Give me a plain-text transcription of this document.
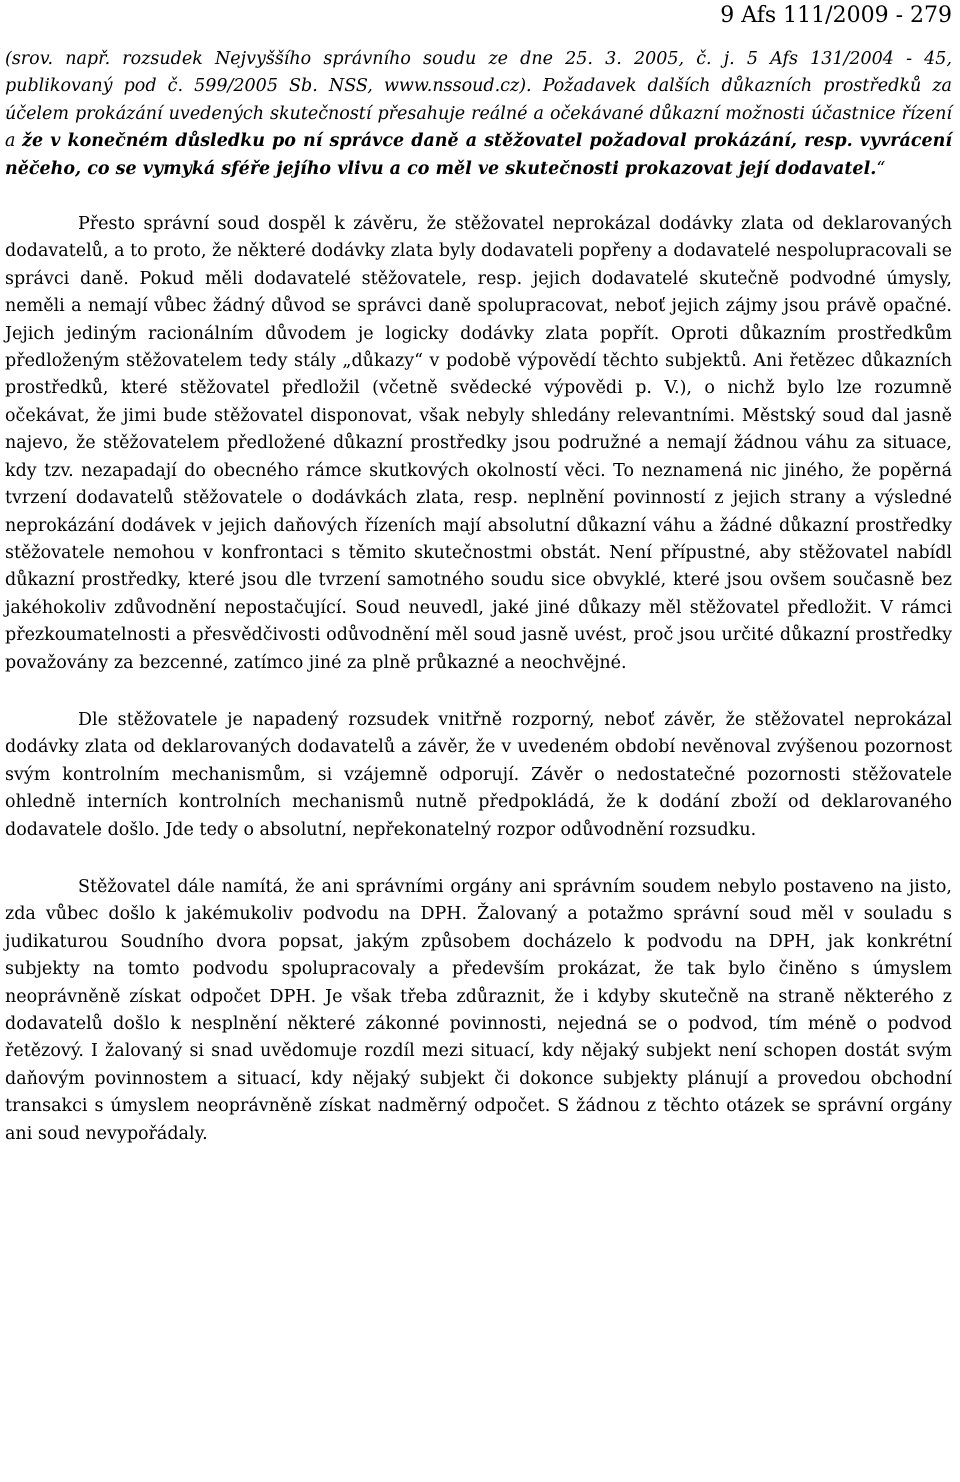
9 Afs 111/2009 - 279

(srov. např. rozsudek Nejvyššího správního soudu ze dne 25. 3. 2005, č. j. 5 Afs 131/2004 - 45, publikovaný pod č. 599/2005 Sb. NSS, www.nssoud.cz). Požadavek dalších důkazních prostředků za účelem prokázání uvedených skutečností přesahuje reálné a očekávané důkazní možnosti účastnice řízení a že v konečném důsledku po ní správce daně a stěžovatel požadoval prokázání, resp. vyvrácení něčeho, co se vymyká sféře jejího vlivu a co měl ve skutečnosti prokazovat její dodavatel.“

Přesto správní soud dospěl k závěru, že stěžovatel neprokázal dodávky zlata od deklarovaných dodavatelů, a to proto, že některé dodávky zlata byly dodavateli popřeny a dodavatelé nespolupracovali se správci daně. Pokud měli dodavatelé stěžovatele, resp. jejich dodavatelé skutečně podvodné úmysly, neměli a nemají vůbec žádný důvod se správci daně spolupracovat, neboť jejich zájmy jsou právě opačné. Jejich jediným racionálním důvodem je logicky dodávky zlata popřít. Oproti důkazním prostředkům předloženým stěžovatelem tedy stály „důkazy“ v podobě výpovědí těchto subjektů. Ani řetězec důkazních prostředků, které stěžovatel předložil (včetně svědecké výpovědi p. V.), o nichž bylo lze rozumně očekávat, že jimi bude stěžovatel disponovat, však nebyly shledány relevantními. Městský soud dal jasně najevo, že stěžovatelem předložené důkazní prostředky jsou podružné a nemají žádnou váhu za situace, kdy tzv. nezapadají do obecného rámce skutkových okolností věci. To neznamená nic jiného, že popěrná tvrzení dodavatelů stěžovatele o dodávkách zlata, resp. neplnění povinností z jejich strany a výsledné neprokázání dodávek v jejich daňových řízeních mají absolutní důkazní váhu a žádné důkazní prostředky stěžovatele nemohou v konfrontaci s těmito skutečnostmi obstát. Není přípustné, aby stěžovatel nabídl důkazní prostředky, které jsou dle tvrzení samotného soudu sice obvyklé, které jsou ovšem současně bez jakéhokoliv zdůvodnění nepostačující. Soud neuvedl, jaké jiné důkazy měl stěžovatel předložit. V rámci přezkoumatelnosti a přesvědčivosti odůvodnění měl soud jasně uvést, proč jsou určité důkazní prostředky považovány za bezcenné, zatímco jiné za plně průkazné a neochvějné.

Dle stěžovatele je napadený rozsudek vnitřně rozporný, neboť závěr, že stěžovatel neprokázal dodávky zlata od deklarovaných dodavatelů a závěr, že v uvedeném období nevěnoval zvýšenou pozornost svým kontrolním mechanismům, si vzájemně odporují. Závěr o nedostatečné pozornosti stěžovatele ohledně interních kontrolních mechanismů nutně předpokládá, že k dodání zboží od deklarovaného dodavatele došlo. Jde tedy o absolutní, nepřekonatelný rozpor odůvodnění rozsudku.

Stěžovatel dále namítá, že ani správními orgány ani správním soudem nebylo postaveno na jisto, zda vůbec došlo k jakémukoliv podvodu na DPH. Žalovaný a potažmo správní soud měl v souladu s judikaturou Soudního dvora popsat, jakým způsobem docházelo k podvodu na DPH, jak konkrétní subjekty na tomto podvodu spolupracovaly a především prokázat, že tak bylo činěno s úmyslem neoprávněně získat odpočet DPH. Je však třeba zdůraznit, že i kdyby skutečně na straně některého z dodavatelů došlo k nesplnění některé zákonné povinnosti, nejedná se o podvod, tím méně o podvod řetězový. I žalovaný si snad uvědomuje rozdíl mezi situací, kdy nějaký subjekt není schopen dostát svým daňovým povinnostem a situací, kdy nějaký subjekt či dokonce subjekty plánují a provedou obchodní transakci s úmyslem neoprávněně získat nadměrný odpočet. S žádnou z těchto otázek se správní orgány ani soud nevypořádaly.
